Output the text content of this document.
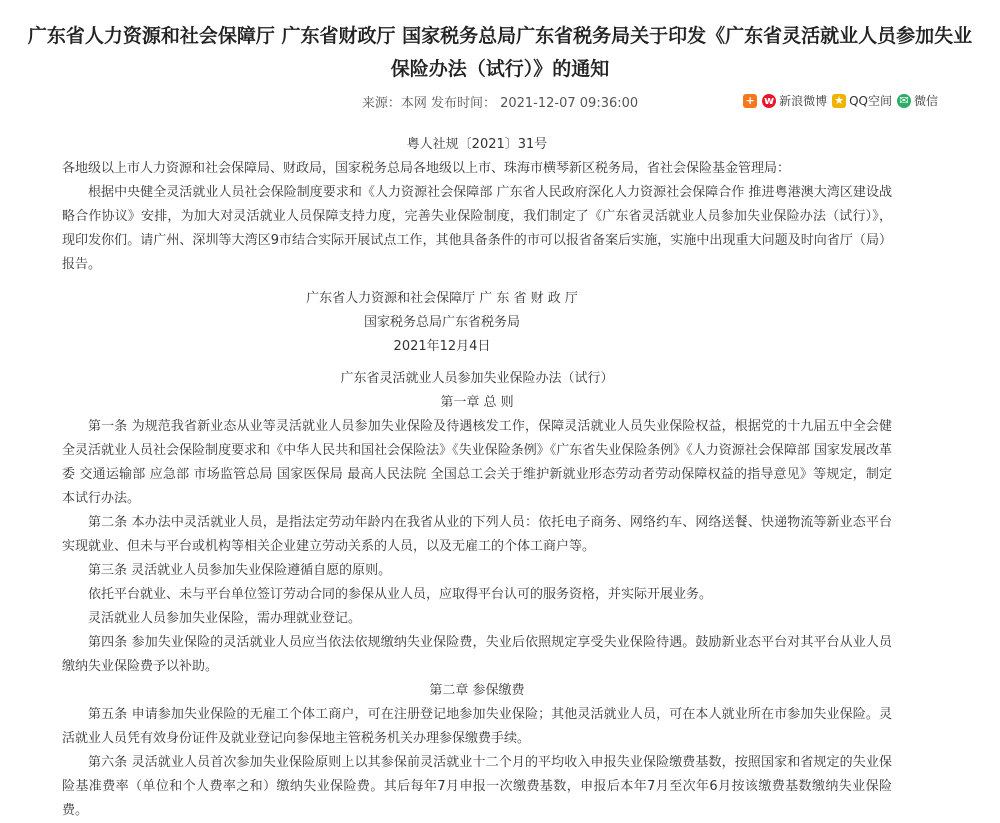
广东省人力资源和社会保障厅 广东省财政厅 国家税务总局广东省税务局关于印发《广东省灵活就业人员参加失业
保险办法（试行）》的通知
来源：本网 发布时间： 2021-12-07 09:36:00	+ w 新浪微博 ★ QQ空间 ✉ 微信
粤人社规〔2021〕31号
各地级以上市人力资源和社会保障局、财政局，国家税务总局各地级以上市、珠海市横琴新区税务局，省社会保险基金管理局：
根据中央健全灵活就业人员社会保险制度要求和《人力资源社会保障部 广东省人民政府深化人力资源社会保障合作 推进粤港澳大湾区建设战略合作协议》安排，为加大对灵活就业人员保障支持力度，完善失业保险制度，我们制定了《广东省灵活就业人员参加失业保险办法（试行）》，现印发你们。请广州、深圳等大湾区9市结合实际开展试点工作，其他具备条件的市可以报省备案后实施，实施中出现重大问题及时向省厅（局）报告。
广东省人力资源和社会保障厅 广 东 省 财 政 厅
国家税务总局广东省税务局
2021年12月4日
广东省灵活就业人员参加失业保险办法（试行）
第一章 总 则
第一条 为规范我省新业态从业等灵活就业人员参加失业保险及待遇核发工作，保障灵活就业人员失业保险权益，根据党的十九届五中全会健全灵活就业人员社会保险制度要求和《中华人民共和国社会保险法》《失业保险条例》《广东省失业保险条例》《人力资源社会保障部 国家发展改革委 交通运输部 应急部 市场监管总局 国家医保局 最高人民法院 全国总工会关于维护新就业形态劳动者劳动保障权益的指导意见》等规定，制定本试行办法。
第二条 本办法中灵活就业人员，是指法定劳动年龄内在我省从业的下列人员：依托电子商务、网络约车、网络送餐、快递物流等新业态平台实现就业、但未与平台或机构等相关企业建立劳动关系的人员，以及无雇工的个体工商户等。
第三条 灵活就业人员参加失业保险遵循自愿的原则。
依托平台就业、未与平台单位签订劳动合同的参保从业人员，应取得平台认可的服务资格，并实际开展业务。
灵活就业人员参加失业保险，需办理就业登记。
第四条 参加失业保险的灵活就业人员应当依法依规缴纳失业保险费，失业后依照规定享受失业保险待遇。鼓励新业态平台对其平台从业人员缴纳失业保险费予以补助。
第二章 参保缴费
第五条 申请参加失业保险的无雇工个体工商户，可在注册登记地参加失业保险；其他灵活就业人员，可在本人就业所在市参加失业保险。灵活就业人员凭有效身份证件及就业登记向参保地主管税务机关办理参保缴费手续。
第六条 灵活就业人员首次参加失业保险原则上以其参保前灵活就业十二个月的平均收入申报失业保险缴费基数，按照国家和省规定的失业保险基准费率（单位和个人费率之和）缴纳失业保险费。其后每年7月申报一次缴费基数，申报后本年7月至次年6月按该缴费基数缴纳失业保险费。
